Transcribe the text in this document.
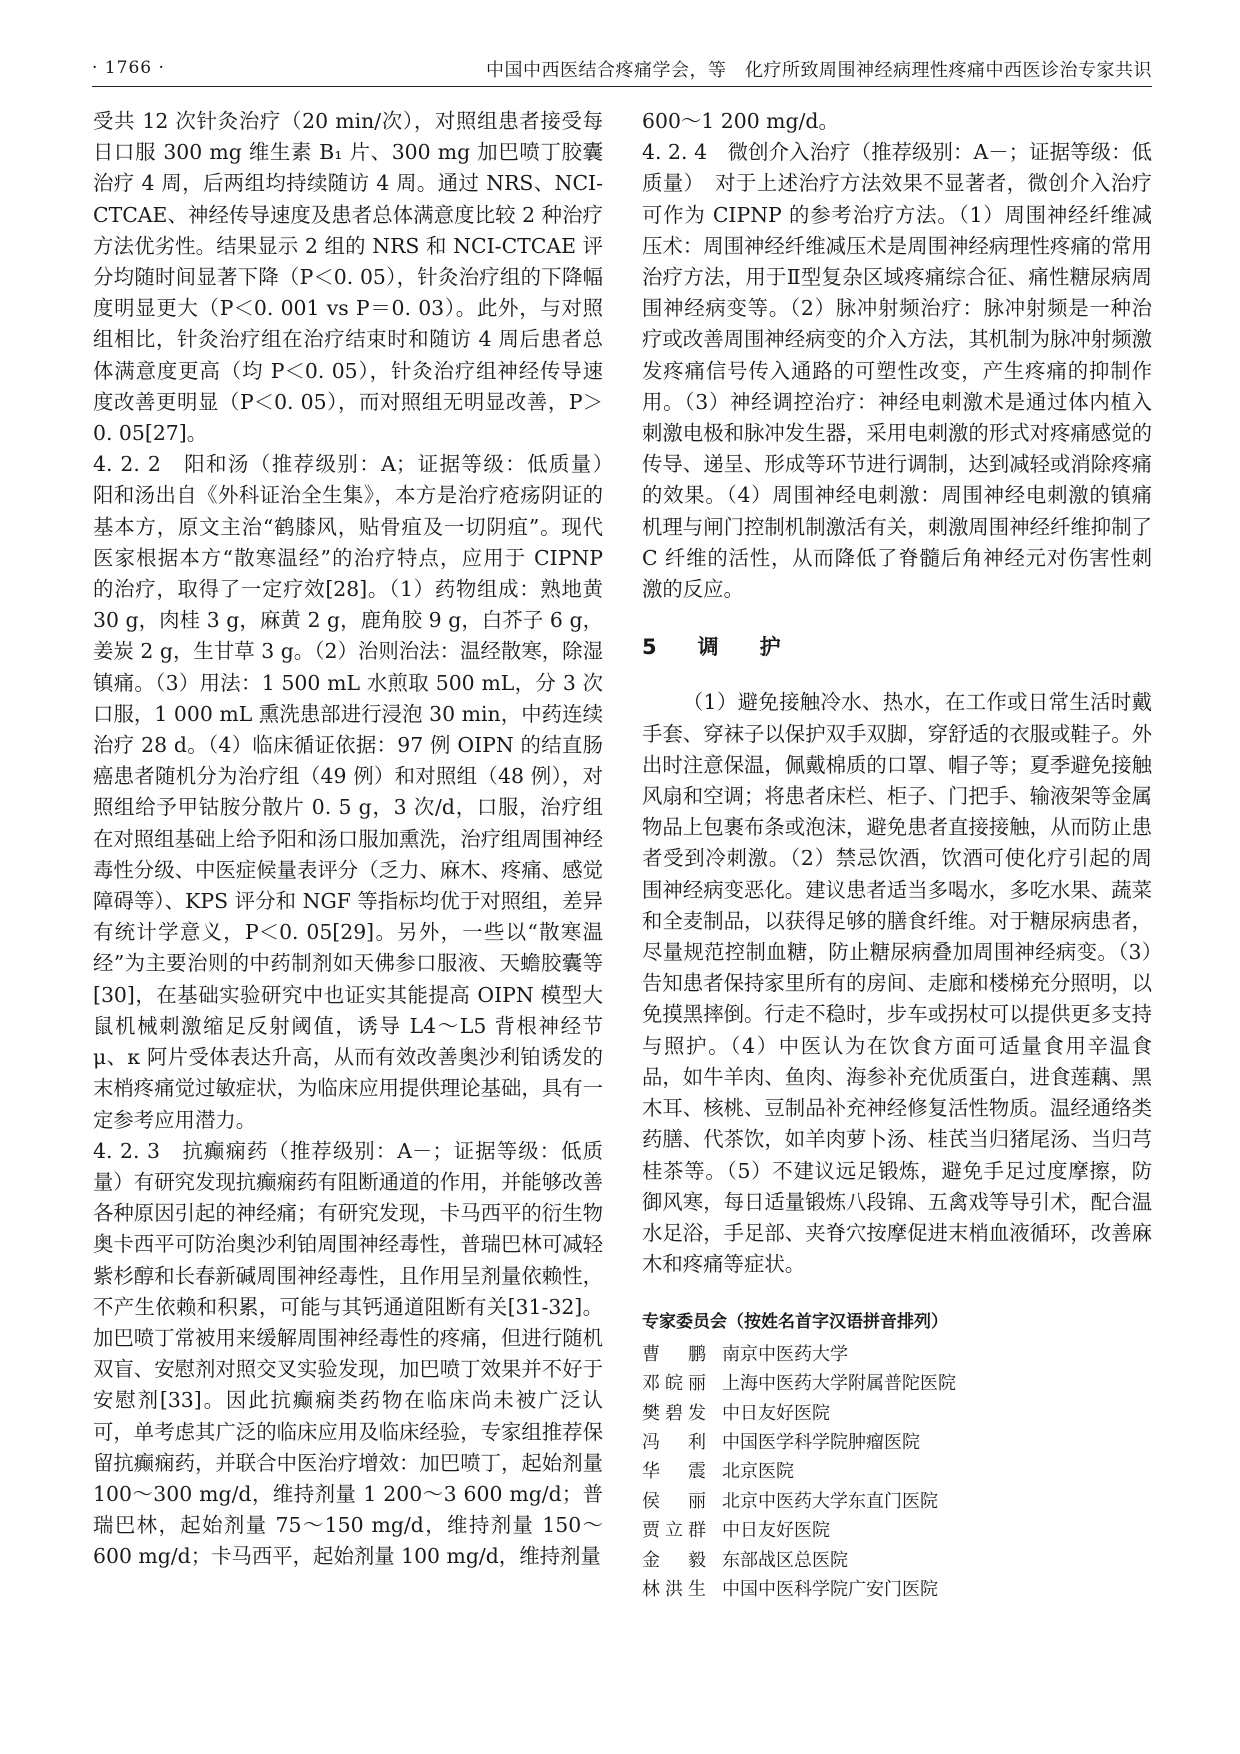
· 1766 ·	中国中西医结合疼痛学会，等　化疗所致周围神经病理性疼痛中西医诊治专家共识

受共 12 次针灸治疗（20 min/次），对照组患者接受每日口服 300 mg 维生素 B₁ 片、300 mg 加巴喷丁胶囊治疗 4 周，后两组均持续随访 4 周。通过 NRS、NCI-CTCAE、神经传导速度及患者总体满意度比较 2 种治疗方法优劣性。结果显示 2 组的 NRS 和 NCI-CTCAE 评分均随时间显著下降（P＜0. 05），针灸治疗组的下降幅度明显更大（P＜0. 001 vs P＝0. 03）。此外，与对照组相比，针灸治疗组在治疗结束时和随访 4 周后患者总体满意度更高（均 P＜0. 05），针灸治疗组神经传导速度改善更明显（P＜0. 05），而对照组无明显改善，P＞0. 05[27]。

4. 2. 2　阳和汤（推荐级别：A；证据等级：低质量）　阳和汤出自《外科证治全生集》，本方是治疗疮疡阴证的基本方，原文主治“鹤膝风，贴骨疽及一切阴疽”。现代医家根据本方“散寒温经”的治疗特点，应用于 CIPNP 的治疗，取得了一定疗效[28]。（1）药物组成：熟地黄 30 g，肉桂 3 g，麻黄 2 g，鹿角胶 9 g，白芥子 6 g，姜炭 2 g，生甘草 3 g。（2）治则治法：温经散寒，除湿镇痛。（3）用法：1 500 mL 水煎取 500 mL，分 3 次口服，1 000 mL 熏洗患部进行浸泡 30 min，中药连续治疗 28 d。（4）临床循证依据：97 例 OIPN 的结直肠癌患者随机分为治疗组（49 例）和对照组（48 例），对照组给予甲钴胺分散片 0. 5 g，3 次/d，口服，治疗组在对照组基础上给予阳和汤口服加熏洗，治疗组周围神经毒性分级、中医症候量表评分（乏力、麻木、疼痛、感觉障碍等）、KPS 评分和 NGF 等指标均优于对照组，差异有统计学意义，P＜0. 05[29]。另外，一些以“散寒温经”为主要治则的中药制剂如天佛参口服液、天蟾胶囊等[30]，在基础实验研究中也证实其能提高 OIPN 模型大鼠机械刺激缩足反射阈值，诱导 L4～L5 背根神经节 μ、κ 阿片受体表达升高，从而有效改善奥沙利铂诱发的末梢疼痛觉过敏症状，为临床应用提供理论基础，具有一定参考应用潜力。

4. 2. 3　抗癫痫药（推荐级别：A－；证据等级：低质量）有研究发现抗癫痫药有阻断通道的作用，并能够改善各种原因引起的神经痛；有研究发现，卡马西平的衍生物奥卡西平可防治奥沙利铂周围神经毒性，普瑞巴林可减轻紫杉醇和长春新碱周围神经毒性，且作用呈剂量依赖性，不产生依赖和积累，可能与其钙通道阻断有关[31-32]。加巴喷丁常被用来缓解周围神经毒性的疼痛，但进行随机双盲、安慰剂对照交叉实验发现，加巴喷丁效果并不好于安慰剂[33]。因此抗癫痫类药物在临床尚未被广泛认可，单考虑其广泛的临床应用及临床经验，专家组推荐保留抗癫痫药，并联合中医治疗增效：加巴喷丁，起始剂量 100～300 mg/d，维持剂量 1 200～3 600 mg/d；普瑞巴林，起始剂量 75～150 mg/d，维持剂量 150～600 mg/d；卡马西平，起始剂量 100 mg/d，维持剂量

600～1 200 mg/d。

4. 2. 4　微创介入治疗（推荐级别：A－；证据等级：低质量）　对于上述治疗方法效果不显著者，微创介入治疗可作为 CIPNP 的参考治疗方法。（1）周围神经纤维减压术：周围神经纤维减压术是周围神经病理性疼痛的常用治疗方法，用于Ⅱ型复杂区域疼痛综合征、痛性糖尿病周围神经病变等。（2）脉冲射频治疗：脉冲射频是一种治疗或改善周围神经病变的介入方法，其机制为脉冲射频激发疼痛信号传入通路的可塑性改变，产生疼痛的抑制作用。（3）神经调控治疗：神经电刺激术是通过体内植入刺激电极和脉冲发生器，采用电刺激的形式对疼痛感觉的传导、递呈、形成等环节进行调制，达到减轻或消除疼痛的效果。（4）周围神经电刺激：周围神经电刺激的镇痛机理与闸门控制机制激活有关，刺激周围神经纤维抑制了 C 纤维的活性，从而降低了脊髓后角神经元对伤害性刺激的反应。

5　调　护

（1）避免接触冷水、热水，在工作或日常生活时戴手套、穿袜子以保护双手双脚，穿舒适的衣服或鞋子。外出时注意保温，佩戴棉质的口罩、帽子等；夏季避免接触风扇和空调；将患者床栏、柜子、门把手、输液架等金属物品上包裹布条或泡沫，避免患者直接接触，从而防止患者受到冷刺激。（2）禁忌饮酒，饮酒可使化疗引起的周围神经病变恶化。建议患者适当多喝水，多吃水果、蔬菜和全麦制品，以获得足够的膳食纤维。对于糖尿病患者，尽量规范控制血糖，防止糖尿病叠加周围神经病变。（3）告知患者保持家里所有的房间、走廊和楼梯充分照明，以免摸黑摔倒。行走不稳时，步车或拐杖可以提供更多支持与照护。（4）中医认为在饮食方面可适量食用辛温食品，如牛羊肉、鱼肉、海参补充优质蛋白，进食莲藕、黑木耳、核桃、豆制品补充神经修复活性物质。温经通络类药膳、代茶饮，如羊肉萝卜汤、桂芪当归猪尾汤、当归芎桂茶等。（5）不建议远足锻炼，避免手足过度摩擦，防御风寒，每日适量锻炼八段锦、五禽戏等导引术，配合温水足浴，手足部、夹脊穴按摩促进末梢血液循环，改善麻木和疼痛等症状。

专家委员会（按姓名首字汉语拼音排列）
曹　鹏 南京中医药大学
邓皖丽 上海中医药大学附属普陀医院
樊碧发 中日友好医院
冯　利 中国医学科学院肿瘤医院
华　震 北京医院
侯　丽 北京中医药大学东直门医院
贾立群 中日友好医院
金　毅 东部战区总医院
林洪生 中国中医科学院广安门医院
